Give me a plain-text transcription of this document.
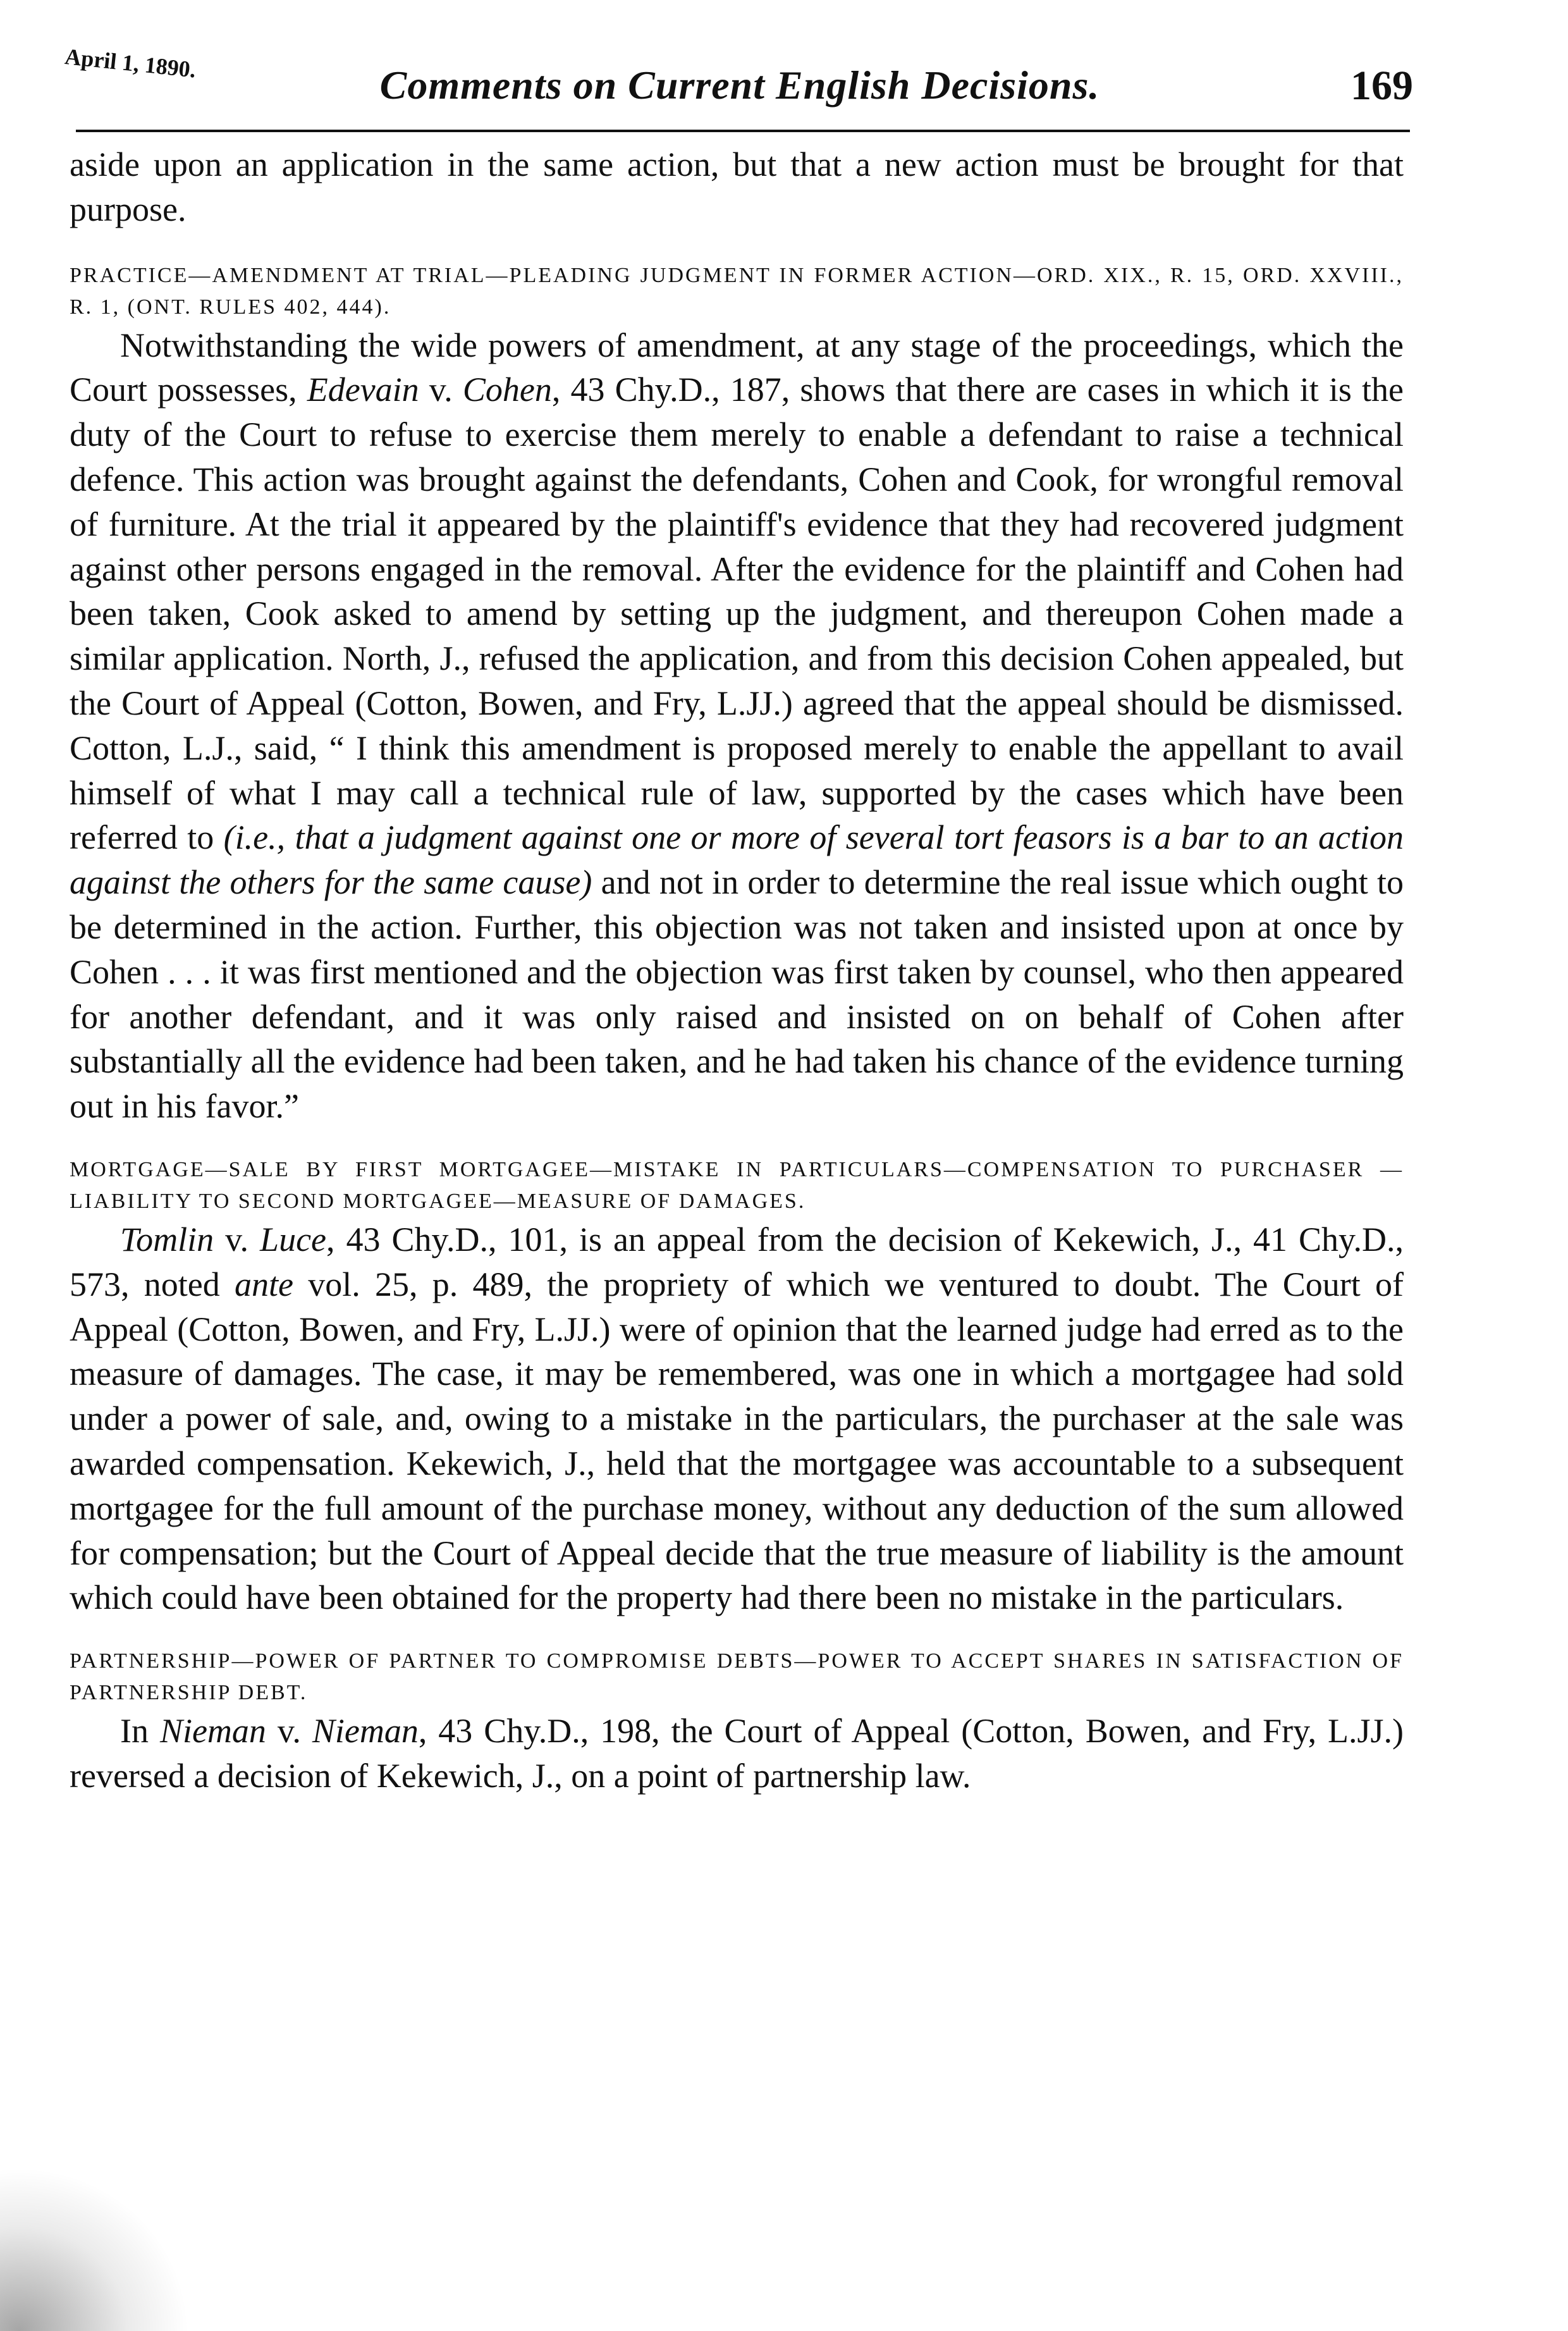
April 1, 1890.	Comments on Current English Decisions.	169

aside upon an application in the same action, but that a new action must be brought for that purpose.

PRACTICE—AMENDMENT AT TRIAL—PLEADING JUDGMENT IN FORMER ACTION—ORD. XIX., R. 15, ORD. XXVIII., R. 1, (ONT. RULES 402, 444).

Notwithstanding the wide powers of amendment, at any stage of the proceedings, which the Court possesses, Edevain v. Cohen, 43 Chy.D., 187, shows that there are cases in which it is the duty of the Court to refuse to exercise them merely to enable a defendant to raise a technical defence. This action was brought against the defendants, Cohen and Cook, for wrongful removal of furniture. At the trial it appeared by the plaintiff's evidence that they had recovered judgment against other persons engaged in the removal. After the evidence for the plaintiff and Cohen had been taken, Cook asked to amend by setting up the judgment, and thereupon Cohen made a similar application. North, J., refused the application, and from this decision Cohen appealed, but the Court of Appeal (Cotton, Bowen, and Fry, L.JJ.) agreed that the appeal should be dismissed. Cotton, L.J., said, “ I think this amendment is proposed merely to enable the appellant to avail himself of what I may call a technical rule of law, supported by the cases which have been referred to (i.e., that a judgment against one or more of several tort feasors is a bar to an action against the others for the same cause) and not in order to determine the real issue which ought to be determined in the action. Further, this objection was not taken and insisted upon at once by Cohen . . . it was first mentioned and the objection was first taken by counsel, who then appeared for another defendant, and it was only raised and insisted on on behalf of Cohen after substantially all the evidence had been taken, and he had taken his chance of the evidence turning out in his favor.”

MORTGAGE—SALE BY FIRST MORTGAGEE—MISTAKE IN PARTICULARS—COMPENSATION TO PURCHASER —LIABILITY TO SECOND MORTGAGEE—MEASURE OF DAMAGES.

Tomlin v. Luce, 43 Chy.D., 101, is an appeal from the decision of Kekewich, J., 41 Chy.D., 573, noted ante vol. 25, p. 489, the propriety of which we ventured to doubt. The Court of Appeal (Cotton, Bowen, and Fry, L.JJ.) were of opinion that the learned judge had erred as to the measure of damages. The case, it may be remembered, was one in which a mortgagee had sold under a power of sale, and, owing to a mistake in the particulars, the purchaser at the sale was awarded compensation. Kekewich, J., held that the mortgagee was accountable to a subsequent mortgagee for the full amount of the purchase money, without any deduction of the sum allowed for compensation; but the Court of Appeal decide that the true measure of liability is the amount which could have been obtained for the property had there been no mistake in the particulars.

PARTNERSHIP—POWER OF PARTNER TO COMPROMISE DEBTS—POWER TO ACCEPT SHARES IN SATISFACTION OF PARTNERSHIP DEBT.

In Nieman v. Nieman, 43 Chy.D., 198, the Court of Appeal (Cotton, Bowen, and Fry, L.JJ.) reversed a decision of Kekewich, J., on a point of partnership law.
